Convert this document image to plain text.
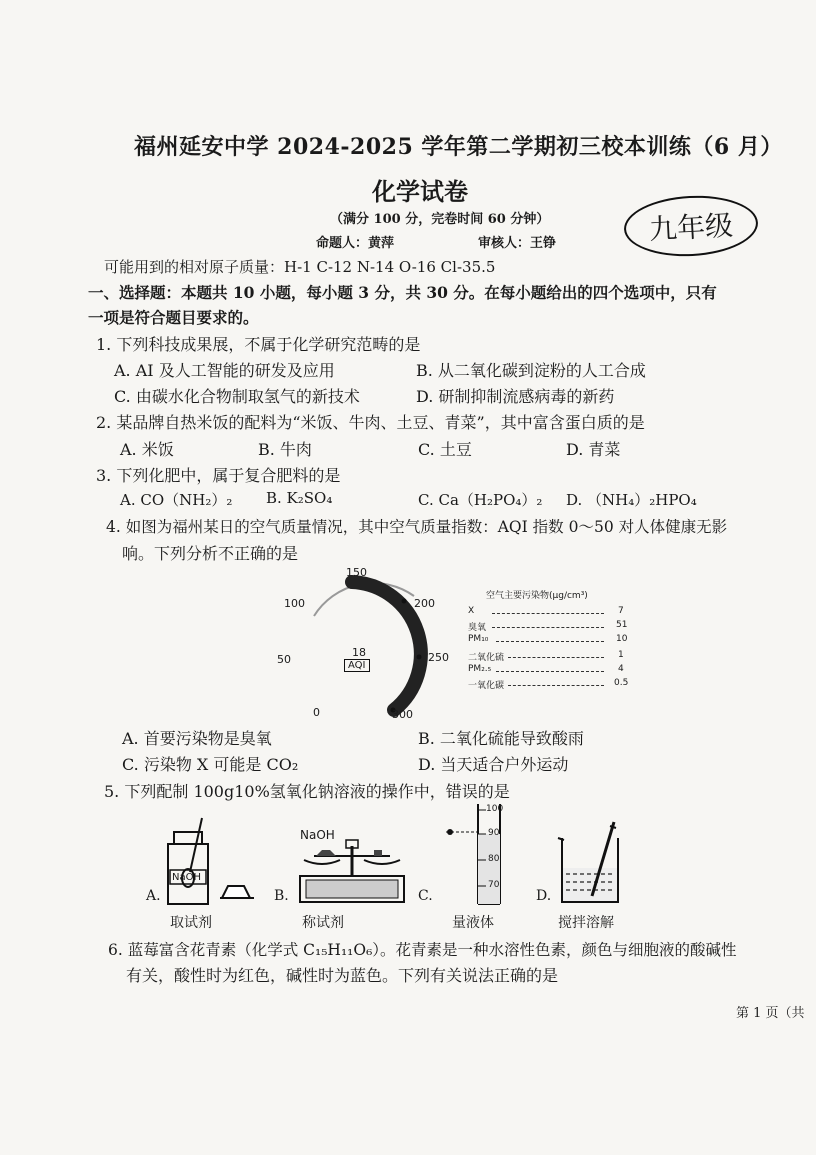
福州延安中学 2024-2025 学年第二学期初三校本训练（6 月）
化学试卷
（满分 100 分，完卷时间 60 分钟）
命题人：黄萍	审核人：王铮	九年级
可能用到的相对原子质量：H-1 C-12 N-14 O-16 Cl-35.5
一、选择题：本题共 10 小题，每小题 3 分，共 30 分。在每小题给出的四个选项中，只有
一项是符合题目要求的。
1. 下列科技成果展，不属于化学研究范畴的是
A. AI 及人工智能的研发及应用	B. 从二氧化碳到淀粉的人工合成
C. 由碳水化合物制取氢气的新技术	D. 研制抑制流感病毒的新药
2. 某品牌自热米饭的配料为“米饭、牛肉、土豆、青菜”，其中富含蛋白质的是
A. 米饭	B. 牛肉	C. 土豆	D. 青菜
3. 下列化肥中，属于复合肥料的是
A. CO（NH₂）₂ B. K₂SO₄	C. Ca（H₂PO₄）₂ D. （NH₄）₂HPO₄
4. 如图为福州某日的空气质量情况，其中空气质量指数：AQI 指数 0～50 对人体健康无影
响。下列分析不正确的是
150
100	200
50	250
0	300
18
AQI
空气主要污染物(μg/cm³)
X	7
臭氧	51
PM₁₀	10
二氧化硫	1
PM₂.₅	4
一氧化碳	0.5
A. 首要污染物是臭氧	B. 二氧化硫能导致酸雨
C. 污染物 X 可能是 CO₂	D. 当天适合户外运动
5. 下列配制 100g10%氢氧化钠溶液的操作中，错误的是
A.
NaOH
取试剂
B.
NaOH
称试剂
C.
100
90
80
70
量液体
D.
搅拌溶解
6. 蓝莓富含花青素（化学式 C₁₅H₁₁O₆）。花青素是一种水溶性色素，颜色与细胞液的酸碱性
有关，酸性时为红色，碱性时为蓝色。下列有关说法正确的是
第 1 页（共
